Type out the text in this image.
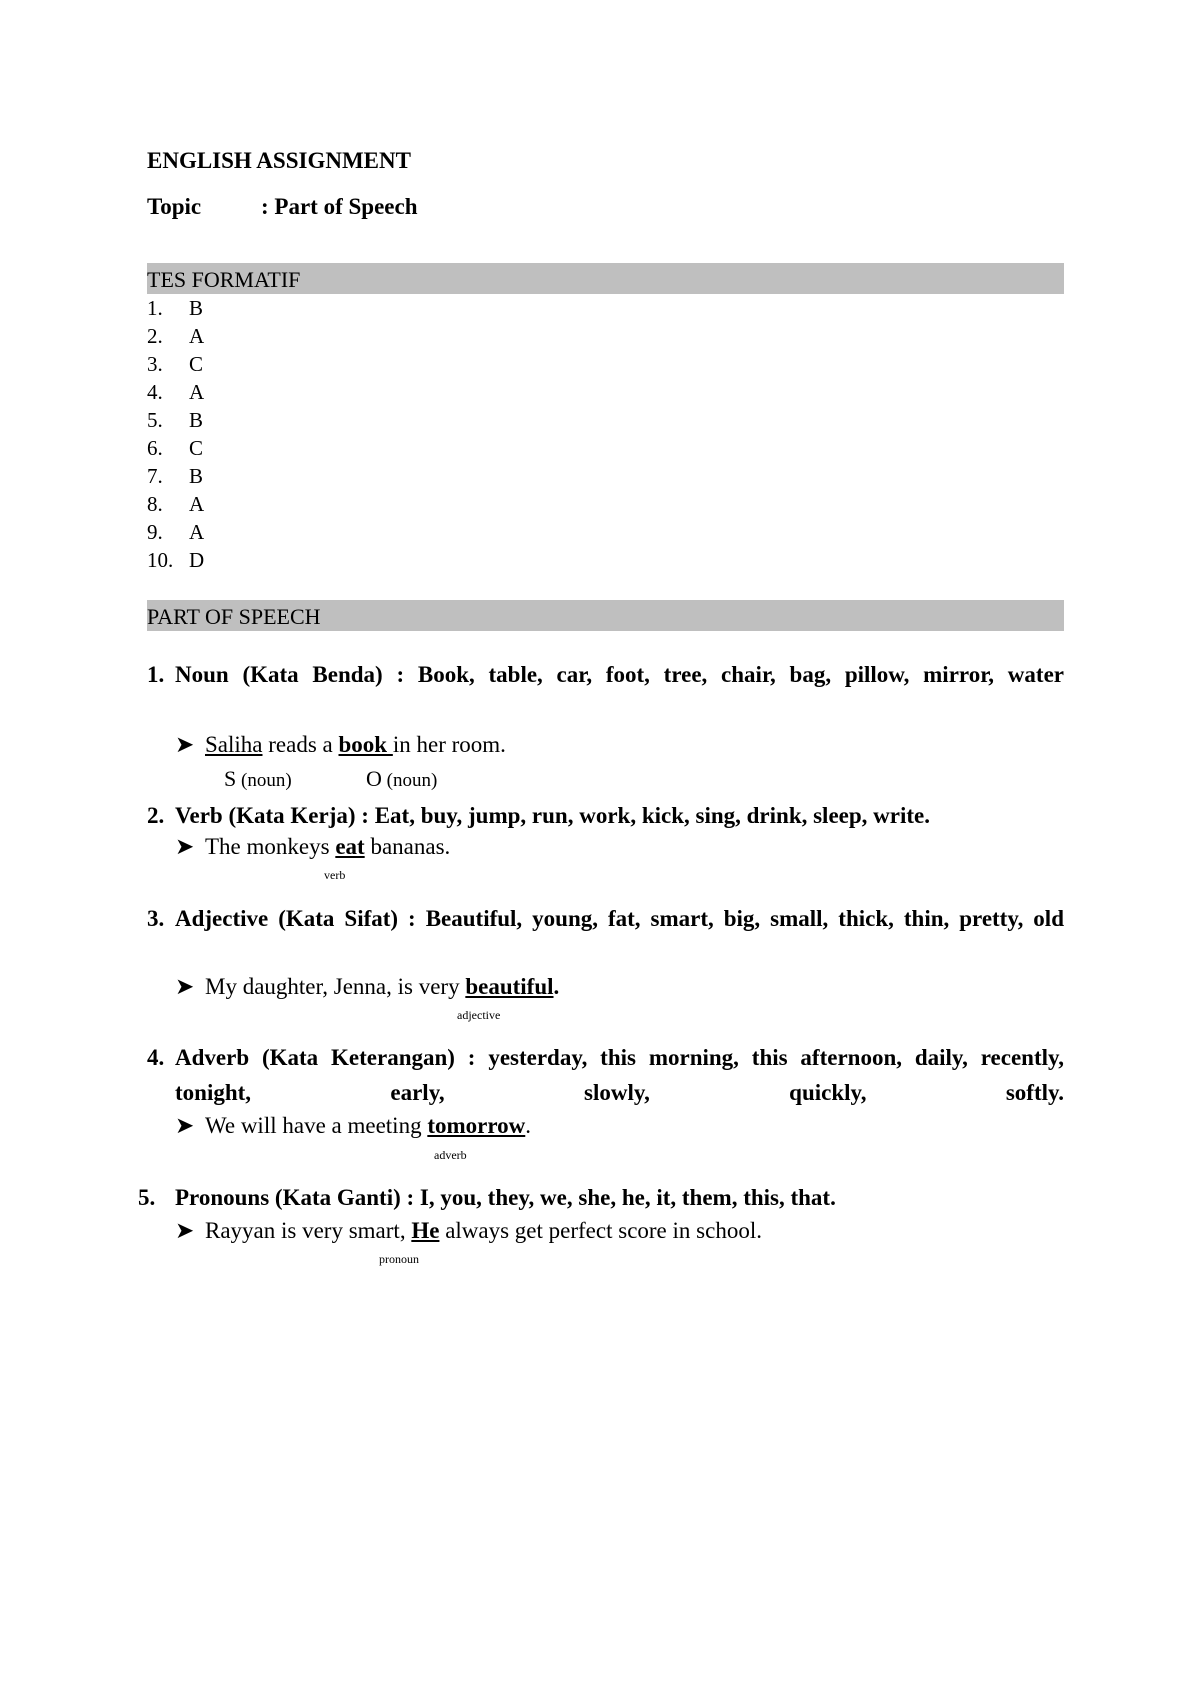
ENGLISH ASSIGNMENT
Topic	: Part of Speech
TES FORMATIF
1. B
2. A
3. C
4. A
5. B
6. C
7. B
8. A
9. A
10. D
PART OF SPEECH
1. Noun (Kata Benda) : Book, table, car, foot, tree, chair, bag, pillow, mirror, water
➤ Saliha reads a book in her room.
S (noun)	O (noun)
2. Verb (Kata Kerja) : Eat, buy, jump, run, work, kick, sing, drink, sleep, write.
➤ The monkeys eat bananas.
verb
3. Adjective (Kata Sifat) : Beautiful, young, fat, smart, big, small, thick, thin, pretty, old
➤ My daughter, Jenna, is very beautiful.
adjective
4. Adverb (Kata Keterangan) : yesterday, this morning, this afternoon, daily, recently, tonight, early, slowly, quickly, softly.
➤ We will have a meeting tomorrow.
adverb
5. Pronouns (Kata Ganti) : I, you, they, we, she, he, it, them, this, that.
➤ Rayyan is very smart, He always get perfect score in school.
pronoun
